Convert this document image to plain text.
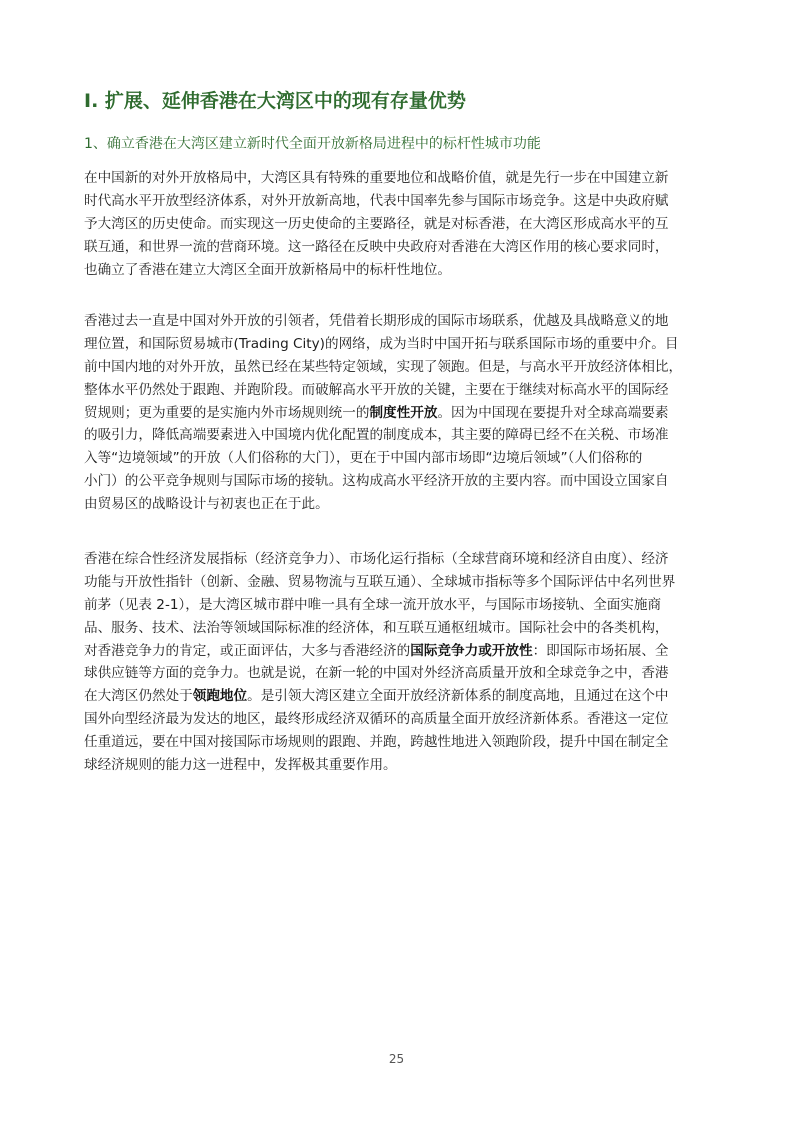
I. 扩展、延伸香港在大湾区中的现有存量优势
1、确立香港在大湾区建立新时代全面开放新格局进程中的标杆性城市功能
在中国新的对外开放格局中，大湾区具有特殊的重要地位和战略价值，就是先行一步在中国建立新
时代高水平开放型经济体系，对外开放新高地，代表中国率先参与国际市场竞争。这是中央政府赋
予大湾区的历史使命。而实现这一历史使命的主要路径，就是对标香港，在大湾区形成高水平的互
联互通，和世界一流的营商环境。这一路径在反映中央政府对香港在大湾区作用的核心要求同时，
也确立了香港在建立大湾区全面开放新格局中的标杆性地位。
香港过去一直是中国对外开放的引领者，凭借着长期形成的国际市场联系，优越及具战略意义的地
理位置，和国际贸易城市(Trading City)的网络，成为当时中国开拓与联系国际市场的重要中介。目
前中国内地的对外开放，虽然已经在某些特定领域，实现了领跑。但是，与高水平开放经济体相比，
整体水平仍然处于跟跑、并跑阶段。而破解高水平开放的关键，主要在于继续对标高水平的国际经
贸规则；更为重要的是实施内外市场规则统一的制度性开放。因为中国现在要提升对全球高端要素
的吸引力，降低高端要素进入中国境内优化配置的制度成本，其主要的障碍已经不在关税、市场准
入等“边境领域”的开放（人们俗称的大门），更在于中国内部市场即“边境后领域”（人们俗称的
小门）的公平竞争规则与国际市场的接轨。这构成高水平经济开放的主要内容。而中国设立国家自
由贸易区的战略设计与初衷也正在于此。
香港在综合性经济发展指标（经济竞争力）、市场化运行指标（全球营商环境和经济自由度）、经济
功能与开放性指针（创新、金融、贸易物流与互联互通）、全球城市指标等多个国际评估中名列世界
前茅（见表 2-1），是大湾区城市群中唯一具有全球一流开放水平，与国际市场接轨、全面实施商
品、服务、技术、法治等领域国际标准的经济体，和互联互通枢纽城市。国际社会中的各类机构，
对香港竞争力的肯定，或正面评估，大多与香港经济的国际竞争力或开放性：即国际市场拓展、全
球供应链等方面的竞争力。也就是说，在新一轮的中国对外经济高质量开放和全球竞争之中，香港
在大湾区仍然处于领跑地位。是引领大湾区建立全面开放经济新体系的制度高地，且通过在这个中
国外向型经济最为发达的地区，最终形成经济双循环的高质量全面开放经济新体系。香港这一定位
任重道远，要在中国对接国际市场规则的跟跑、并跑，跨越性地进入领跑阶段，提升中国在制定全
球经济规则的能力这一进程中，发挥极其重要作用。
25
